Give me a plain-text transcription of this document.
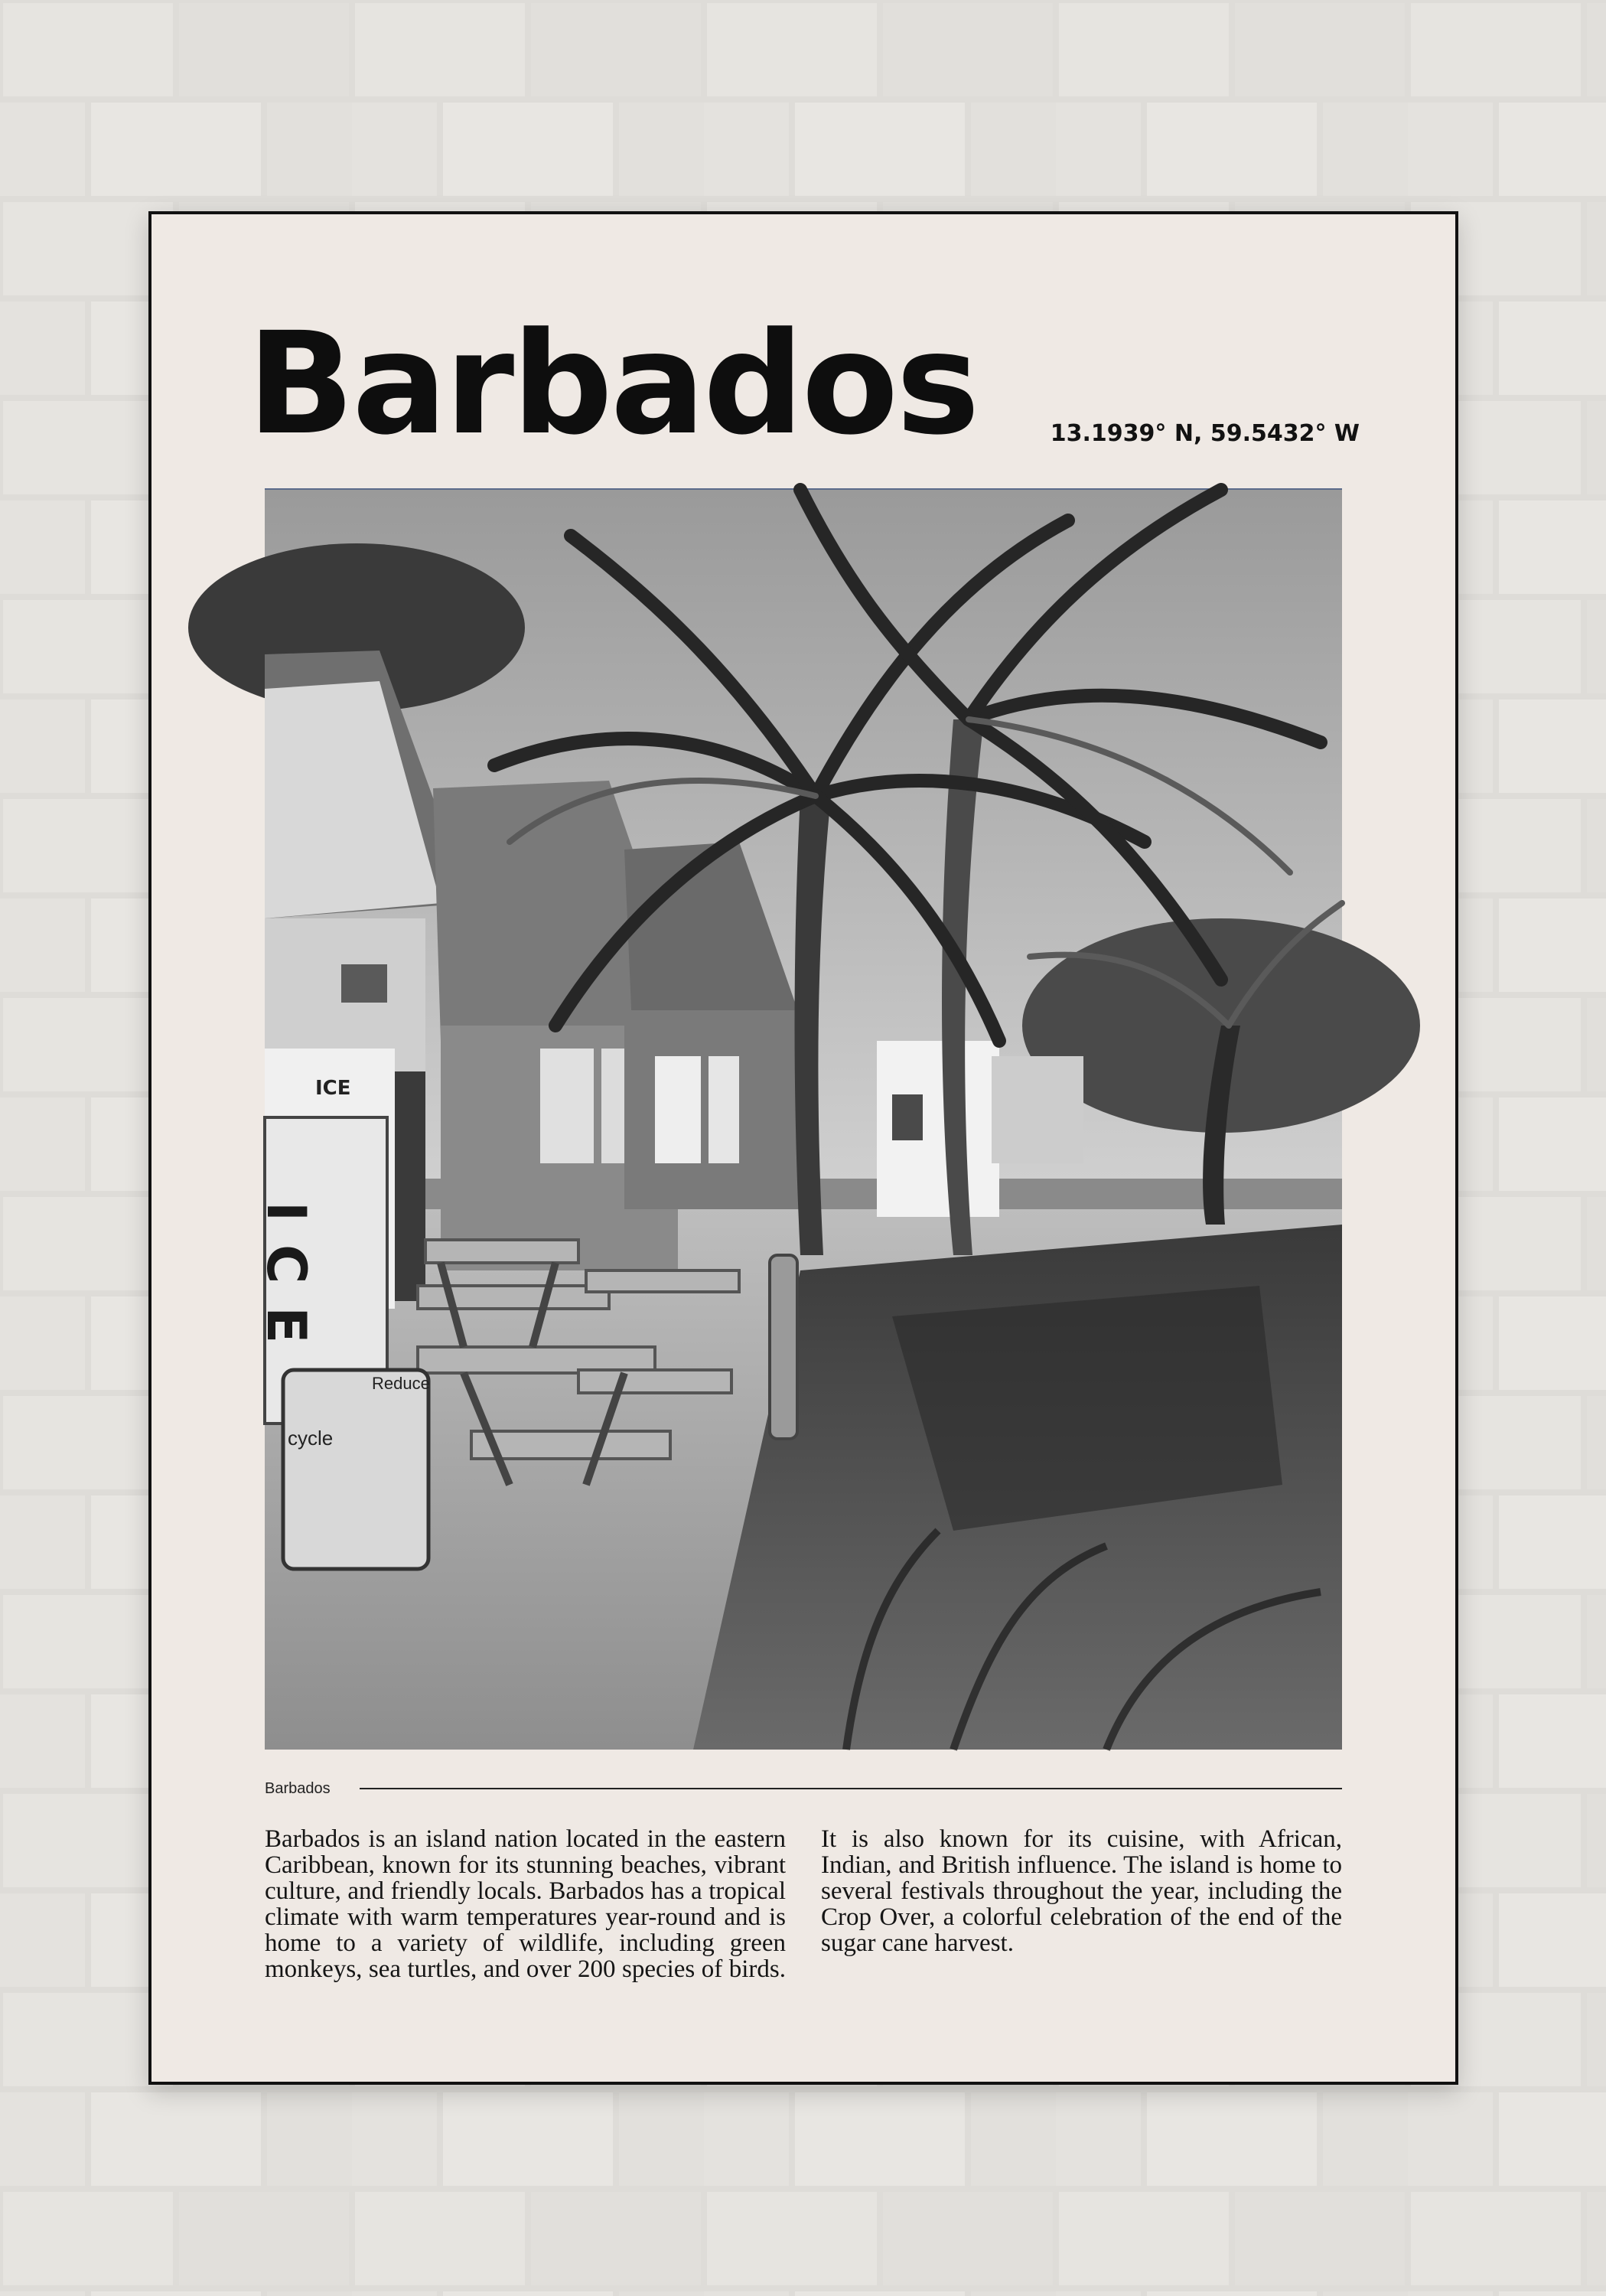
Barbados	13.1939° N, 59.5432° W
ICE
ICE
Reduce
cycle
Barbados

Barbados is an island nation located in the eastern Caribbean, known for its stunning beaches, vibrant culture, and friendly locals. Barbados has a tropical climate with warm temperatures year-round and is home to a variety of wildlife, including green monkeys, sea turtles, and over 200 species of birds. It is also known for its cuisine, with African, Indian, and British influence. The island is home to several festivals throughout the year, including the Crop Over, a colorful celebration of the end of the sugar cane harvest.
